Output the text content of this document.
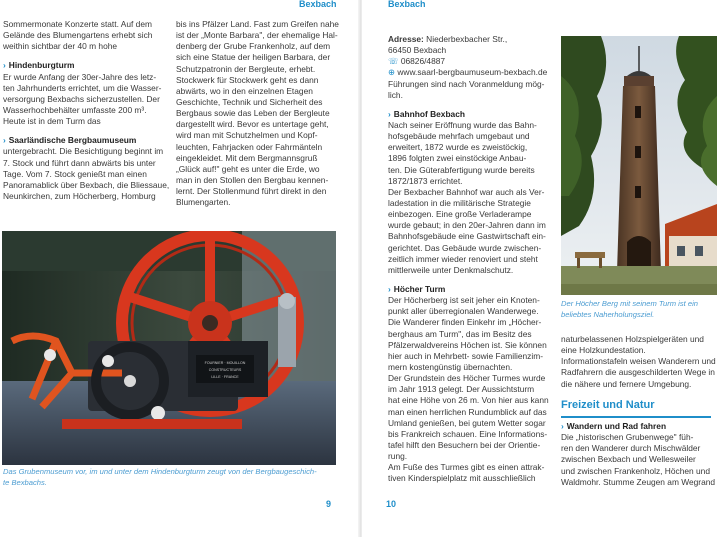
Bexbach
Sommermonate Konzerte statt. Auf dem
Gelände des Blumengartens erhebt sich
weithin sichtbar der 40 m hohe
› Hindenburgturm
Er wurde Anfang der 30er-Jahre des letz-
ten Jahrhunderts errichtet, um die Wasser-
versorgung Bexbachs sicherzustellen. Der
Wasserhochbehälter umfasste 200 m³.
Heute ist in dem Turm das
› Saarländische Bergbaumuseum
untergebracht. Die Besichtigung beginnt im
7. Stock und führt dann abwärts bis unter
Tage. Vom 7. Stock genießt man einen
Panoramablick über Bexbach, die Bliessaue,
Neunkirchen, zum Höcherberg, Homburg
bis ins Pfälzer Land. Fast zum Greifen nahe
ist der „Monte Barbara", der ehemalige Hal-
denberg der Grube Frankenholz, auf dem
sich eine Statue der heiligen Barbara, der
Schutzpatronin der Bergleute, erhebt.
Stockwerk für Stockwerk geht es dann
abwärts, wo in den einzelnen Etagen
Geschichte, Technik und Sicherheit des
Bergbaus sowie das Leben der Bergleute
dargestellt wird. Bevor es untertage geht,
wird man mit Schutzhelmen und Kopf-
leuchten, Fahrjacken oder Fahrmänteln
eingekleidet. Mit dem Bergmannsgruß
„Glück auf!" geht es unter die Erde, wo
man in den Stollen den Bergbau kennen-
lernt. Der Stollenmund führt direkt in den
Blumengarten.
FOURNIER · MOUILLON
CONSTRUCTEURS
LILLE · FRANCE
Das Grubenmuseum vor, im und unter dem Hindenburgturm zeugt von der Bergbaugeschich-
te Bexbachs.
9
Bexbach
Adresse: Niederbexbacher Str.,
66450 Bexbach
☏ 06826/4887
⊕ www.saarl-bergbaumuseum-bexbach.de
Führungen sind nach Voranmeldung mög-
lich.
› Bahnhof Bexbach
Nach seiner Eröffnung wurde das Bahn-
hofsgebäude mehrfach umgebaut und
erweitert, 1872 wurde es zweistöckig,
1896 folgten zwei einstöckige Anbau-
ten. Die Güterabfertigung wurde bereits
1872/1873 errichtet.
Der Bexbacher Bahnhof war auch als Ver-
ladestation in die militärische Strategie
einbezogen. Eine große Verladerampe
wurde gebaut; in den 20er-Jahren dann im
Bahnhofsgebäude eine Gastwirtschaft ein-
gerichtet. Das Gebäude wurde zwischen-
zeitlich immer wieder renoviert und steht
mittlerweile unter Denkmalschutz.
› Höcher Turm
Der Höcherberg ist seit jeher ein Knoten-
punkt aller überregionalen Wanderwege.
Die Wanderer finden Einkehr im „Höcher-
berghaus am Turm", das im Besitz des
Pfälzerwaldvereins Höchen ist. Sie können
hier auch in Mehrbett- sowie Familienzim-
mern kostengünstig übernachten.
Der Grundstein des Höcher Turmes wurde
im Jahr 1913 gelegt. Der Aussichtsturm
hat eine Höhe von 26 m. Von hier aus kann
man einen herrlichen Rundumblick auf das
Umland genießen, bei gutem Wetter sogar
bis Frankreich schauen. Eine Informations-
tafel hilft den Besuchern bei der Orientie-
rung.
Am Fuße des Turmes gibt es einen attrak-
tiven Kinderspielplatz mit ausschließlich
Der Höcher Berg mit seinem Turm ist ein
beliebtes Naherholungsziel.
naturbelassenen Holzspielgeräten und
eine Holzkundestation.
Informationstafeln weisen Wanderern und
Radfahrern die ausgeschilderten Wege in
die nähere und fernere Umgebung.
Freizeit und Natur
› Wandern und Rad fahren
Die „historischen Grubenwege" füh-
ren den Wanderer durch Mischwälder
zwischen Bexbach und Wellesweiler
und zwischen Frankenholz, Höchen und
Waldmohr. Stumme Zeugen am Wegrand
10
